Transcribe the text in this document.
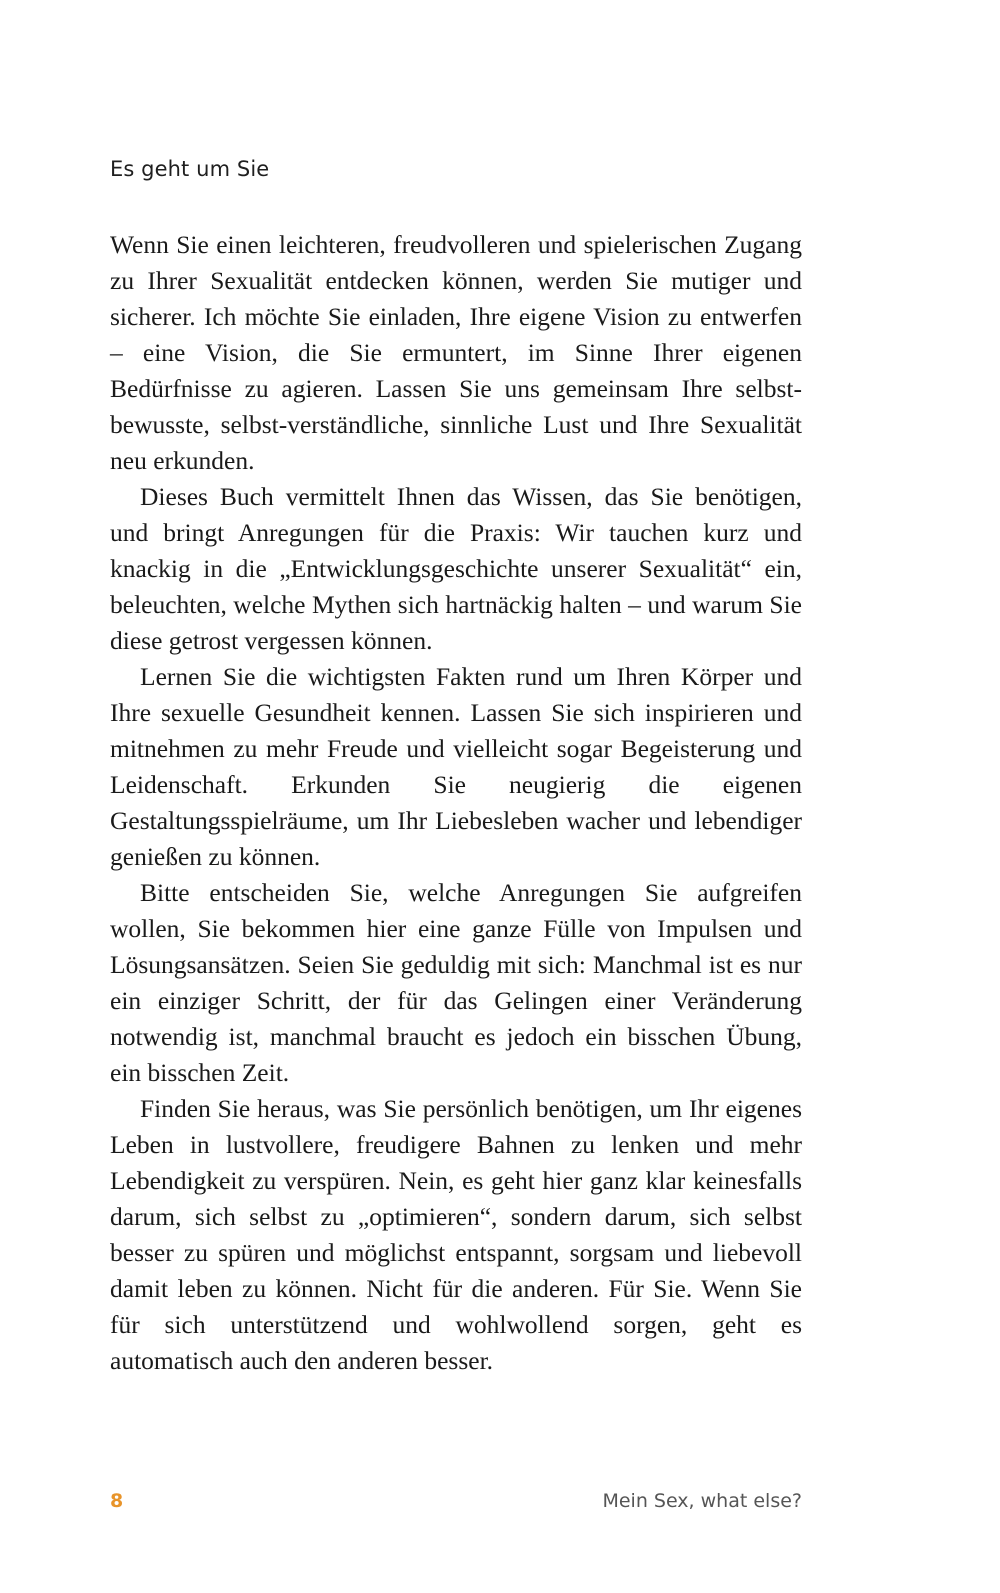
Es geht um Sie

Wenn Sie einen leichteren, freudvolleren und spielerischen Zugang zu Ihrer Sexualität entdecken können, werden Sie mutiger und sicherer. Ich möchte Sie einladen, Ihre eigene Vision zu entwerfen – eine Vision, die Sie ermuntert, im Sinne Ihrer eigenen Bedürfnisse zu agieren. Lassen Sie uns gemeinsam Ihre selbst-bewusste, selbst-verständliche, sinnliche Lust und Ihre Sexualität neu erkunden.

Dieses Buch vermittelt Ihnen das Wissen, das Sie benötigen, und bringt Anregungen für die Praxis: Wir tauchen kurz und knackig in die „Entwicklungsgeschichte unserer Sexualität“ ein, beleuchten, welche Mythen sich hartnäckig halten – und warum Sie diese getrost vergessen können.

Lernen Sie die wichtigsten Fakten rund um Ihren Körper und Ihre sexuelle Gesundheit kennen. Lassen Sie sich inspirieren und mitnehmen zu mehr Freude und vielleicht sogar Begeisterung und Leidenschaft. Erkunden Sie neugierig die eigenen Gestaltungsspielräume, um Ihr Liebesleben wacher und lebendiger genießen zu können.

Bitte entscheiden Sie, welche Anregungen Sie aufgreifen wollen, Sie bekommen hier eine ganze Fülle von Impulsen und Lösungsansätzen. Seien Sie geduldig mit sich: Manchmal ist es nur ein einziger Schritt, der für das Gelingen einer Veränderung notwendig ist, manchmal braucht es jedoch ein bisschen Übung, ein bisschen Zeit.

Finden Sie heraus, was Sie persönlich benötigen, um Ihr eigenes Leben in lustvollere, freudigere Bahnen zu lenken und mehr Lebendigkeit zu verspüren. Nein, es geht hier ganz klar keinesfalls darum, sich selbst zu „optimieren“, sondern darum, sich selbst besser zu spüren und möglichst entspannt, sorgsam und liebevoll damit leben zu können. Nicht für die anderen. Für Sie. Wenn Sie für sich unterstützend und wohlwollend sorgen, geht es automatisch auch den anderen besser.

8	Mein Sex, what else?
